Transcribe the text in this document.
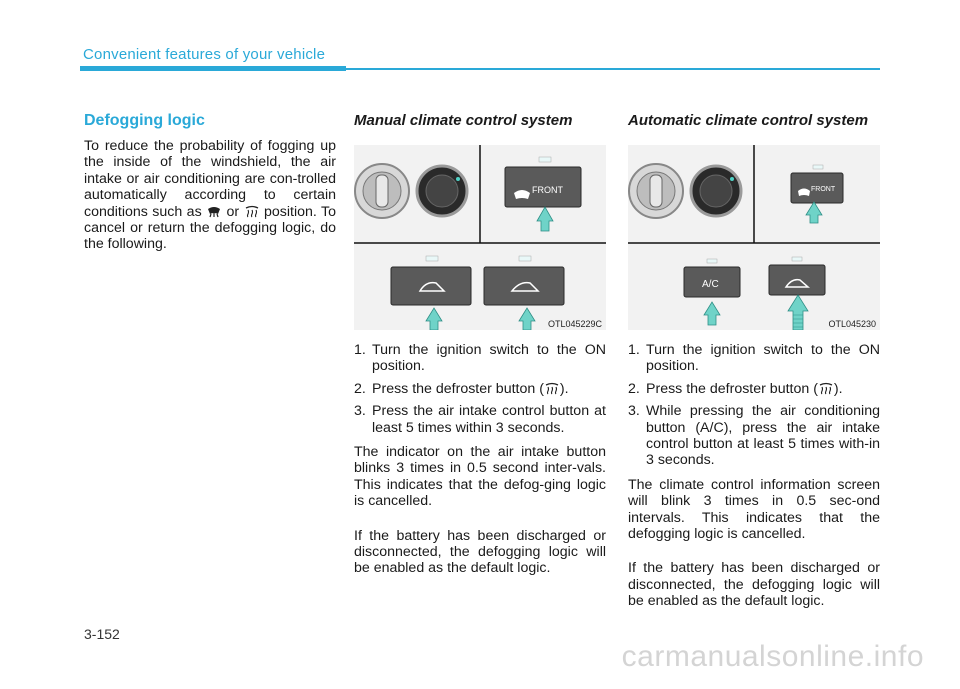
Convenient features of your vehicle
Defogging logic

To reduce the probability of fogging up the inside of the windshield, the air intake or air conditioning are con-trolled automatically according to certain conditions such as or position. To cancel or return the defogging logic, do the following.

Manual climate control system
FRONT
OTL045229C
1. Turn the ignition switch to the ON position.
2. Press the defroster button ( ).
3. Press the air intake control button at least 5 times within 3 seconds.

The indicator on the air intake button blinks 3 times in 0.5 second inter-vals. This indicates that the defog-ging logic is cancelled.

If the battery has been discharged or disconnected, the defogging logic will be enabled as the default logic.

Automatic climate control system
FRONT
A/C
OTL045230
1. Turn the ignition switch to the ON position.
2. Press the defroster button ( ).
3. While pressing the air conditioning button (A/C), press the air intake control button at least 5 times with-in 3 seconds.

The climate control information screen will blink 3 times in 0.5 sec-ond intervals. This indicates that the defogging logic is cancelled.

If the battery has been discharged or disconnected, the defogging logic will be enabled as the default logic.

3-152
carmanualsonline.info
